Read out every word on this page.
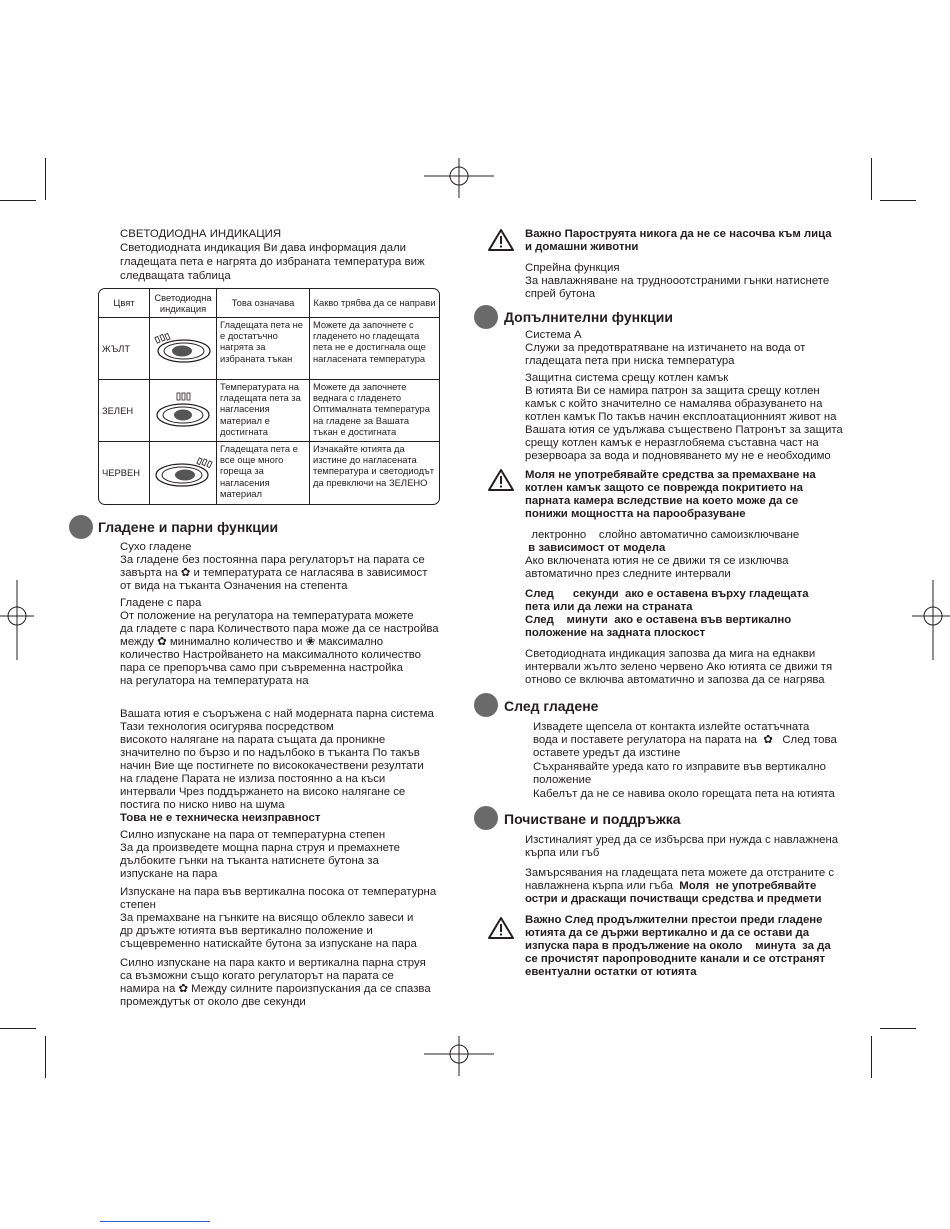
СВЕТОДИОДНА ИНДИКАЦИЯ

Светодиодната индикация Ви дава информация дали

гладещата пета е нагрята до избраната температура виж

следващата таблица

Цвят	Светодиодна индикация	Това означава	Какво трябва да се направи
ЖЪЛТ		Гладещата пета не е достатъчно нагрята за избраната тъкан	Можете да започнете с гладенето но гладещата пета не е достигнала още нагласената температура
ЗЕЛЕН		Температурата на гладещата пета за нагласения материал е достигната	Можете да започнете веднага с гладенето Оптималната температура на гладене за Вашата тъкан е достигната
ЧЕРВЕН		Гладещата пета е все още много гореща за нагласения материал	Изчакайте ютията да изстине до нагласената температура и светодиодът да превключи на ЗЕЛЕНО
Гладене и парни функции

Сухо гладене

За гладене без постоянна пара регулаторът на парата се

завърта на ✿ и температурата се нагласява в зависимост

от вида на тъканта Означения на степента

Гладене с пара

От положение на регулатора на температурата можете

да гладете с пара Количеството пара може да се настройва

между ✿ минимално количество и ❀ максимално

количество Настройването на максималното количество

пара се препоръчва само при съвременна настройка

на регулатора на температурата на

Вашата ютия е съоръжена с най модерната парна система

Тази технология осигурява посредством

високото налягане на парата същата да проникне

значително по бързо и по надълбоко в тъканта По такъв

начин Вие ще постигнете по висококачествени резултати

на гладене Парата не излиза постоянно а на къси

интервали Чрез поддържането на високо налягане се

постига по ниско ниво на шума

Това не е техническа неизправност

Силно изпускане на пара от температурна степен

За да произведете мощна парна струя и премахнете

дълбоките гънки на тъканта натиснете бутона за

изпускане на пара

Изпускане на пара във вертикална посока от температурна

степен

За премахване на гънките на висящо облекло завеси и

др дръжте ютията във вертикално положение и

същевременно натискайте бутона за изпускане на пара

Силно изпускане на пара както и вертикална парна струя

са възможни също когато регулаторът на парата се

намира на ✿ Между силните пароизпускания да се спазва

промеждутък от около две секунди

Важно Пароструята никога да не се насочва към лица

и домашни животни

Спрейна функция

За навлажняване на труднооотстраними гънки натиснете

спрей бутона

Допълнителни функции

Система A

Служи за предотвратяване на изтичането на вода от

гладещата пета при ниска температура

Защитна система срещу котлен камък

В ютията Ви се намира патрон за защита срещу котлен

камък с който значително се намалява образуването на

котлен камък По такъв начин експлоатационният живот на

Вашата ютия се удължава съществено Патронът за защита

срещу котлен камък е неразглобяема съставна част на

резервоара за вода и подновяването му не е необходимо

Моля не употребявайте средства за премахване на

котлен камък защото се поврежда покритието на

парната камера вследствие на което може да се

понижи мощността на парообразуване

лектронно    слойно автоматично самоизключване

в зависимост от модела

Ако включената ютия не се движи тя се изключва

автоматично през следните интервали

След      секунди  ако е оставена върху гладещата

пета или да лежи на страната

След    минути  ако е оставена във вертикално

положение на задната плоскост

Светодиодната индикация запозва да мига на еднакви

интервали жълто зелено червено Ако ютията се движи тя

отново се включва автоматично и запозва да се нагрява

След гладене

Извадете щепсела от контакта излейте остатъчната

вода и поставете регулатора на парата на  ✿   След това

оставете уредът да изстине

Съхранявайте уреда като го изправите във вертикално

положение

Кабелът да не се навива около горещата пета на ютията

Почистване и поддръжка

Изстиналият уред да се избърсва при нужда с навлажнена

кърпа или гъб

Замърсявания на гладещата пета можете да отстраните с

навлажнена кърпа или гъба  Моля  не употребявайте

остри и драскащи почистващи средства и предмети

Важно След продължителни престои преди гладене

ютията да се държи вертикално и да се остави да

изпуска пара в продължение на около    минута  за да

се прочистят паропроводните канали и се отстранят

евентуални остатки от ютията
